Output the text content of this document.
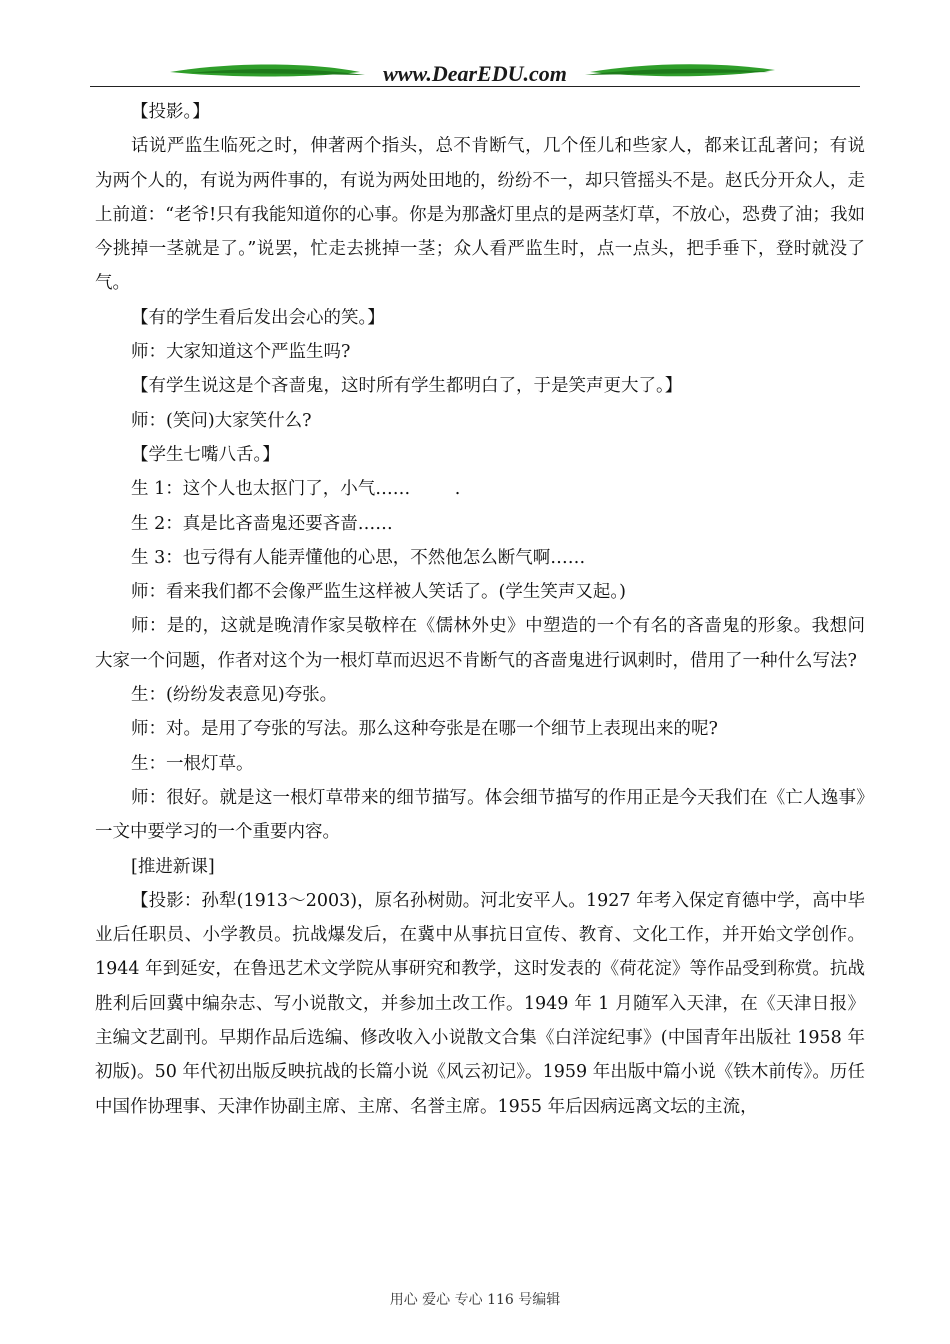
www.DearEDU.com

【投影。】

话说严监生临死之时，伸著两个指头，总不肯断气，几个侄儿和些家人，都来讧乱著问；有说为两个人的，有说为两件事的，有说为两处田地的，纷纷不一，却只管摇头不是。赵氏分开众人，走上前道：“老爷!只有我能知道你的心事。你是为那盏灯里点的是两茎灯草，不放心，恐费了油；我如今挑掉一茎就是了。”说罢，忙走去挑掉一茎；众人看严监生时，点一点头，把手垂下，登时就没了气。

【有的学生看后发出会心的笑。】

师：大家知道这个严监生吗?

【有学生说这是个吝啬鬼，这时所有学生都明白了，于是笑声更大了。】

师：(笑问)大家笑什么?

【学生七嘴八舌。】

生 1：这个人也太抠门了，小气……        .

生 2：真是比吝啬鬼还要吝啬……

生 3：也亏得有人能弄懂他的心思，不然他怎么断气啊……

师：看来我们都不会像严监生这样被人笑话了。(学生笑声又起。)

师：是的，这就是晚清作家吴敬梓在《儒林外史》中塑造的一个有名的吝啬鬼的形象。我想问大家一个问题，作者对这个为一根灯草而迟迟不肯断气的吝啬鬼进行讽刺时，借用了一种什么写法?

生：(纷纷发表意见)夸张。

师：对。是用了夸张的写法。那么这种夸张是在哪一个细节上表现出来的呢?

生：一根灯草。

师：很好。就是这一根灯草带来的细节描写。体会细节描写的作用正是今天我们在《亡人逸事》一文中要学习的一个重要内容。

[推进新课]

【投影：孙犁(1913～2003)，原名孙树勋。河北安平人。1927 年考入保定育德中学，高中毕业后任职员、小学教员。抗战爆发后，在冀中从事抗日宣传、教育、文化工作，并开始文学创作。1944 年到延安，在鲁迅艺术文学院从事研究和教学，这时发表的《荷花淀》等作品受到称赏。抗战胜利后回冀中编杂志、写小说散文，并参加土改工作。1949 年 1 月随军入天津，在《天津日报》主编文艺副刊。早期作品后选编、修改收入小说散文合集《白洋淀纪事》(中国青年出版社 1958 年初版)。50 年代初出版反映抗战的长篇小说《风云初记》。1959 年出版中篇小说《铁木前传》。历任中国作协理事、天津作协副主席、主席、名誉主席。1955 年后因病远离文坛的主流，

用心 爱心 专心 116 号编辑
